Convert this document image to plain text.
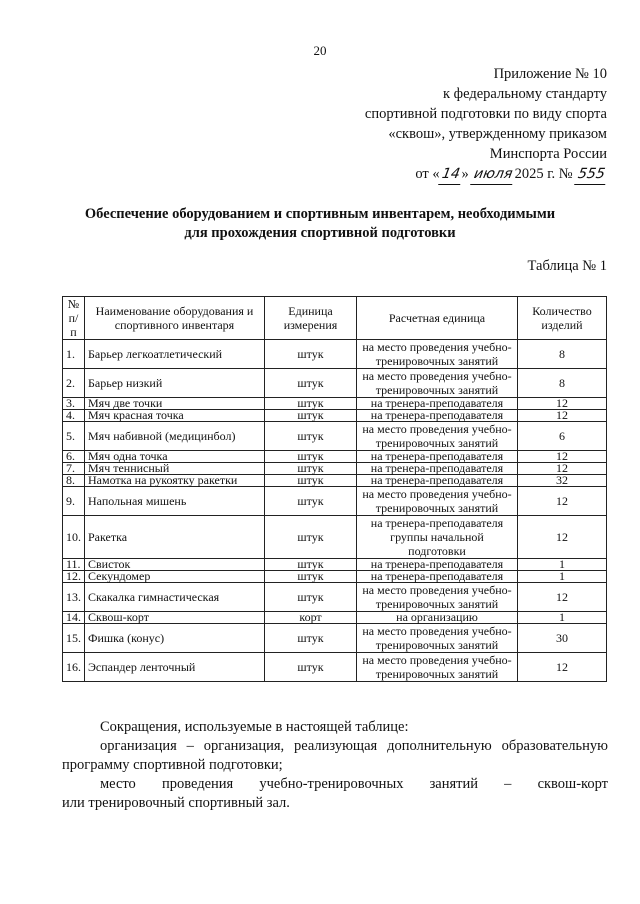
20
Приложение № 10
к федеральному стандарту
спортивной подготовки по виду спорта
«сквош», утвержденному приказом
Минспорта России
от «14» июля2025 г. № 555
Обеспечение оборудованием и спортивным инвентарем, необходимыми
для прохождения спортивной подготовки
Таблица № 1
№ п/п	Наименование оборудования и спортивного инвентаря	Единица измерения	Расчетная единица	Количество изделий
1.	Барьер легкоатлетический	штук	на место проведения учебно-тренировочных занятий	8
2.	Барьер низкий	штук	на место проведения учебно-тренировочных занятий	8
3.	Мяч две точки	штук	на тренера-преподавателя	12
4.	Мяч красная точка	штук	на тренера-преподавателя	12
5.	Мяч набивной (медицинбол)	штук	на место проведения учебно-тренировочных занятий	6
6.	Мяч одна точка	штук	на тренера-преподавателя	12
7.	Мяч теннисный	штук	на тренера-преподавателя	12
8.	Намотка на рукоятку ракетки	штук	на тренера-преподавателя	32
9.	Напольная мишень	штук	на место проведения учебно-тренировочных занятий	12
10.	Ракетка	штук	на тренера-преподавателя группы начальной подготовки	12
11.	Свисток	штук	на тренера-преподавателя	1
12.	Секундомер	штук	на тренера-преподавателя	1
13.	Скакалка гимнастическая	штук	на место проведения учебно-тренировочных занятий	12
14.	Сквош-корт	корт	на организацию	1
15.	Фишка (конус)	штук	на место проведения учебно-тренировочных занятий	30
16.	Эспандер ленточный	штук	на место проведения учебно-тренировочных занятий	12

Сокращения, используемые в настоящей таблице:

организация – организация, реализующая дополнительную образовательную программу спортивной подготовки;

место проведения учебно-тренировочных занятий – сквош-корт

или тренировочный спортивный зал.
